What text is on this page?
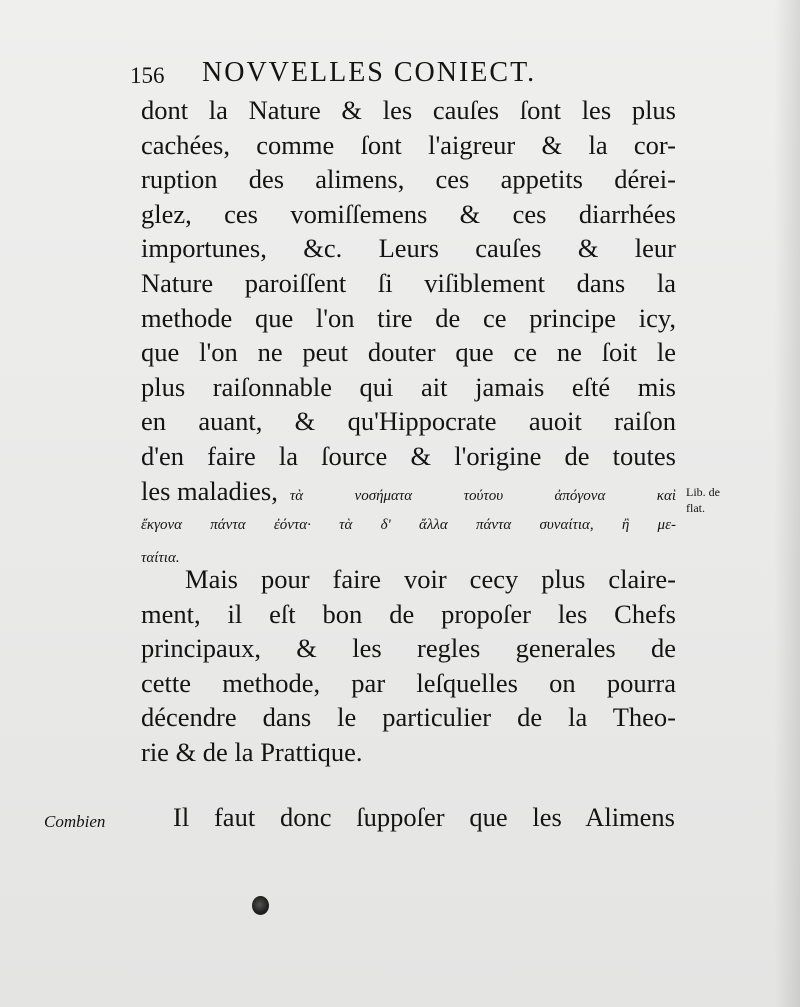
156 NOVVELLES CONIECT.
dont la Nature & les cauſes ſont les plus
cachées, comme ſont l'aigreur & la cor-
ruption des alimens, ces appetits dérei-
glez, ces vomiſſemens & ces diarrhées
importunes, &c. Leurs cauſes & leur
Nature paroiſſent ſi viſiblement dans la
methode que l'on tire de ce principe icy,
que l'on ne peut douter que ce ne ſoit le
plus raiſonnable qui ait jamais eſté mis
en auant, & qu'Hippocrate auoit raiſon
d'en faire la ſource & l'origine de toutes
les maladies, τὰ νοσήματα τούτου ἀπόγονα καὶ
ἔκγονα πάντα ἐόντα· τὰ δ' ἄλλα πάντα συναίτια, ἢ με-
ταίτια.
Lib. de
flat.
Mais pour faire voir cecy plus claire-
ment, il eſt bon de propoſer les Chefs
principaux, & les regles generales de
cette methode, par leſquelles on pourra
décendre dans le particulier de la Theo-
rie & de la Prattique.
Combien	Il faut donc ſuppoſer que les Alimens
